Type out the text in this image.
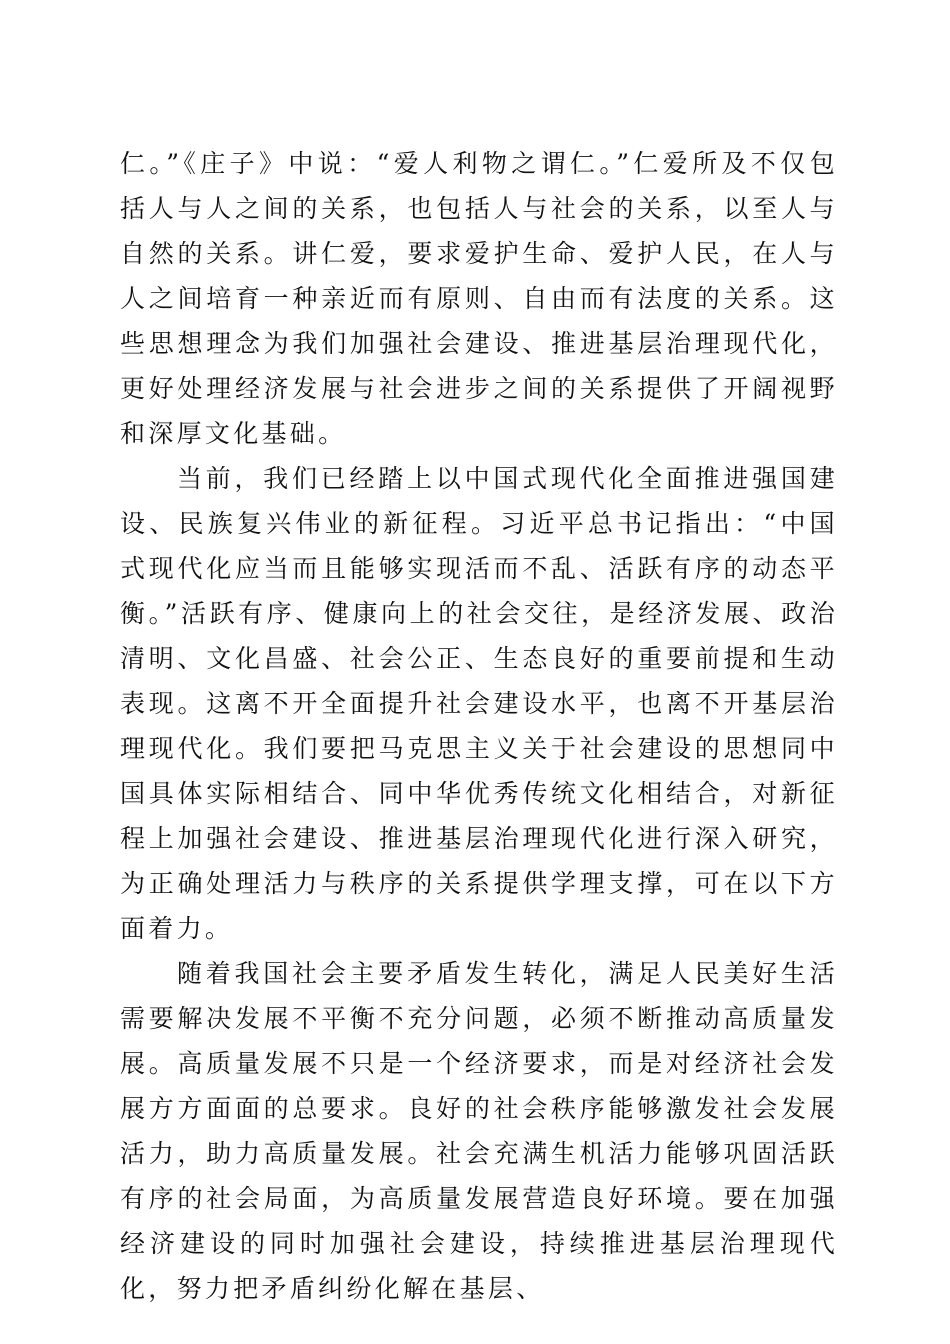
仁。”《庄子》中说：“爱人利物之谓仁。”仁爱所及不仅包括人与人之间的关系，也包括人与社会的关系，以至人与自然的关系。讲仁爱，要求爱护生命、爱护人民，在人与人之间培育一种亲近而有原则、自由而有法度的关系。这些思想理念为我们加强社会建设、推进基层治理现代化，更好处理经济发展与社会进步之间的关系提供了开阔视野和深厚文化基础。

当前，我们已经踏上以中国式现代化全面推进强国建设、民族复兴伟业的新征程。习近平总书记指出：“中国式现代化应当而且能够实现活而不乱、活跃有序的动态平衡。”活跃有序、健康向上的社会交往，是经济发展、政治清明、文化昌盛、社会公正、生态良好的重要前提和生动表现。这离不开全面提升社会建设水平，也离不开基层治理现代化。我们要把马克思主义关于社会建设的思想同中国具体实际相结合、同中华优秀传统文化相结合，对新征程上加强社会建设、推进基层治理现代化进行深入研究，为正确处理活力与秩序的关系提供学理支撑，可在以下方面着力。

随着我国社会主要矛盾发生转化，满足人民美好生活需要解决发展不平衡不充分问题，必须不断推动高质量发展。高质量发展不只是一个经济要求，而是对经济社会发展方方面面的总要求。良好的社会秩序能够激发社会发展活力，助力高质量发展。社会充满生机活力能够巩固活跃有序的社会局面，为高质量发展营造良好环境。要在加强经济建设的同时加强社会建设，持续推进基层治理现代化，努力把矛盾纠纷化解在基层、
